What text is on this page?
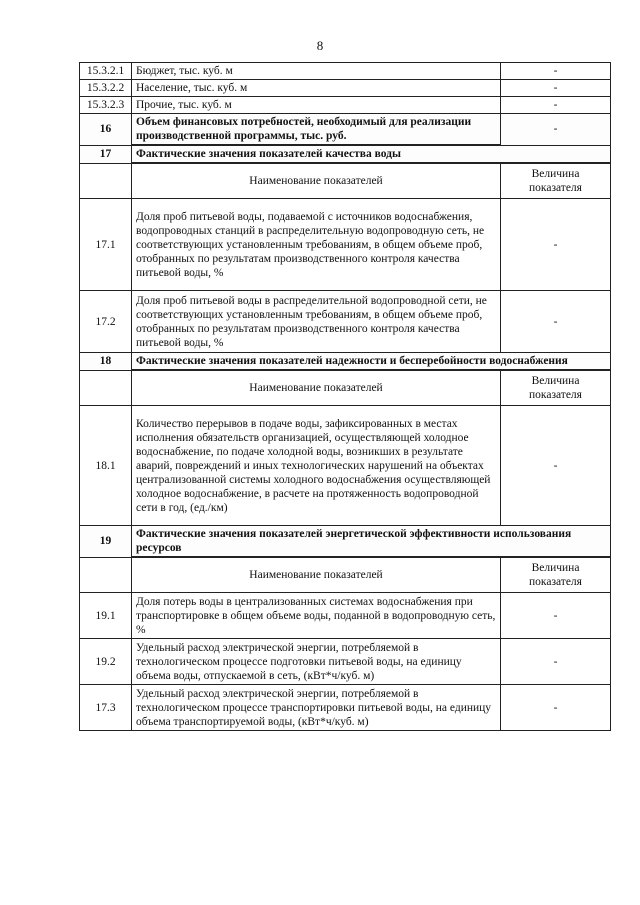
8
15.3.2.1	Бюджет, тыс. куб. м	-
15.3.2.2	Население, тыс. куб. м	-
15.3.2.3	Прочие, тыс. куб. м	-
16	Объем финансовых потребностей, необходимый для реализации производственной программы, тыс. руб.	-
17	Фактические значения показателей качества воды	
	Наименование показателей	Величина показателя
17.1	Доля проб питьевой воды, подаваемой с источников водоснабжения, водопроводных станций в распределительную водопроводную сеть, не соответствующих установленным требованиям, в общем объеме проб, отобранных по результатам производственного контроля качества питьевой воды, %	-
17.2	Доля проб питьевой воды в распределительной водопроводной сети, не соответствующих установленным требованиям, в общем объеме проб, отобранных по результатам производственного контроля качества питьевой воды, %	-
18	Фактические значения показателей надежности и бесперебойности водоснабжения	
	Наименование показателей	Величина показателя
18.1	Количество перерывов в подаче воды, зафиксированных в местах исполнения обязательств организацией, осуществляющей холодное водоснабжение, по подаче холодной воды, возникших в результате аварий, повреждений и иных технологических нарушений на объектах централизованной системы холодного водоснабжения осуществляющей холодное водоснабжение, в расчете на протяженность водопроводной сети в год, (ед./км)	-
19	Фактические значения показателей энергетической эффективности использования ресурсов	
	Наименование показателей	Величина показателя
19.1	Доля потерь воды в централизованных системах водоснабжения при транспортировке в общем объеме воды, поданной в водопроводную сеть, %	-
19.2	Удельный расход электрической энергии, потребляемой в технологическом процессе подготовки питьевой воды, на единицу объема воды, отпускаемой в сеть, (кВт*ч/куб. м)	-
17.3	Удельный расход электрической энергии, потребляемой в технологическом процессе транспортировки питьевой воды, на единицу объема транспортируемой воды, (кВт*ч/куб. м)	-
